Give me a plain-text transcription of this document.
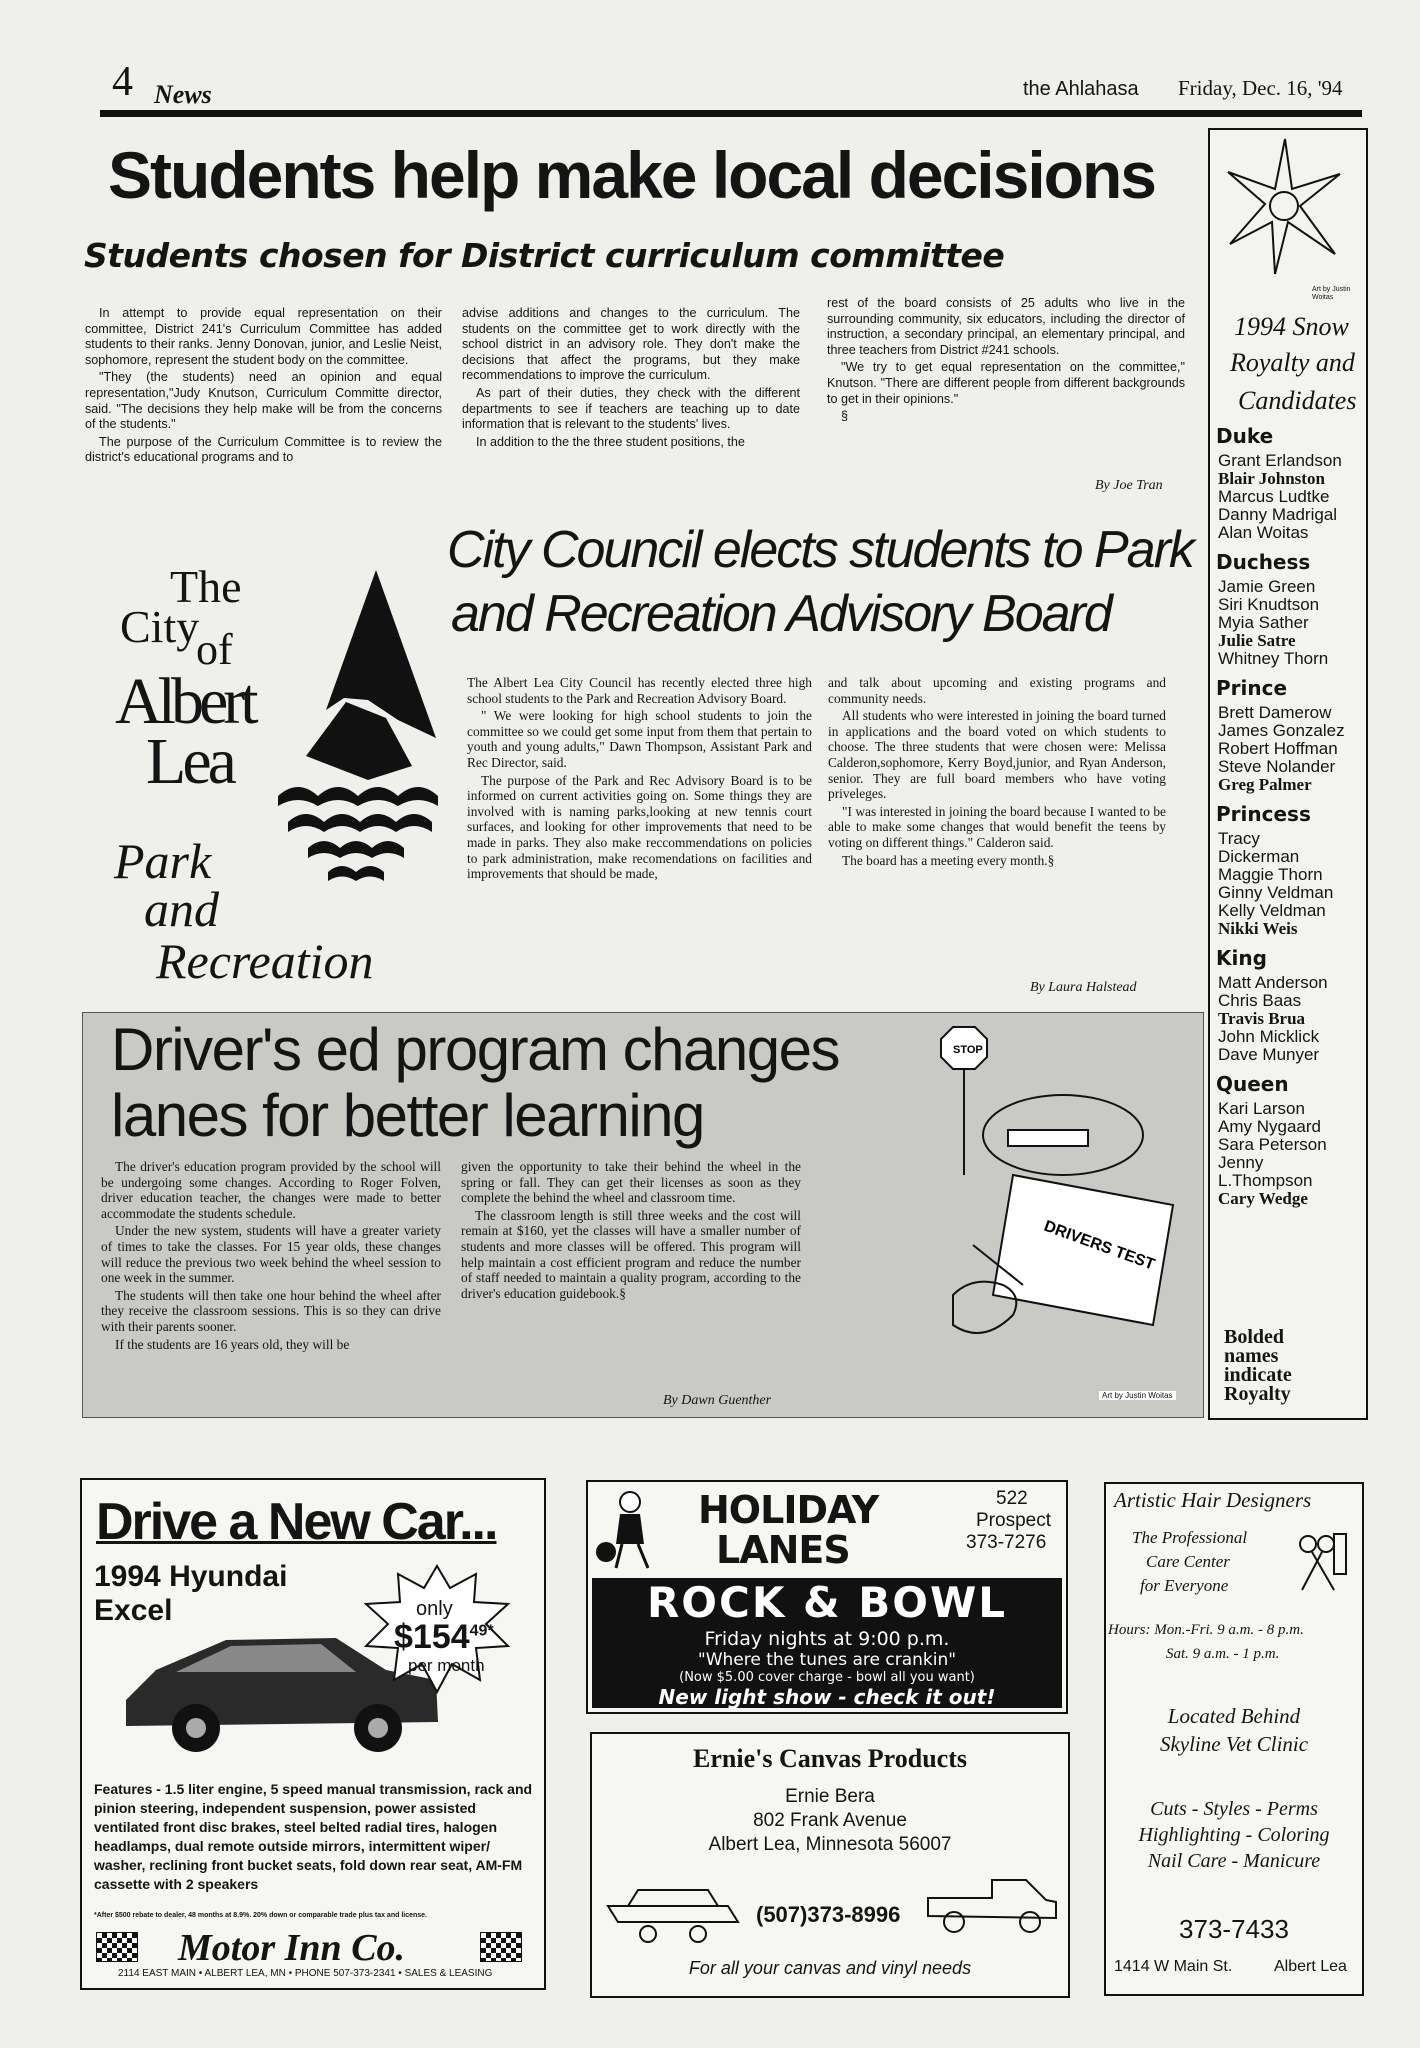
4 News	the Ahlahasa Friday, Dec. 16, '94
Students help make local decisions
Students chosen for District curriculum committee

In attempt to provide equal representation on their committee, District 241's Curriculum Committee has added students to their ranks. Jenny Donovan, junior, and Leslie Neist, sophomore, represent the student body on the committee.

"They (the students) need an opinion and equal representation,"Judy Knutson, Curriculum Committe director, said. "The decisions they help make will be from the concerns of the students."

The purpose of the Curriculum Committee is to review the district's educational programs and to

advise additions and changes to the curriculum. The students on the committee get to work directly with the school district in an advisory role. They don't make the decisions that affect the programs, but they make recommendations to improve the curriculum.

As part of their duties, they check with the different departments to see if teachers are teaching up to date information that is relevant to the students' lives.

In addition to the the three student positions, the

rest of the board consists of 25 adults who live in the surrounding community, six educators, including the director of instruction, a secondary principal, an elementary principal, and three teachers from District #241 schools.

"We try to get equal representation on the committee," Knutson. "There are different people from different backgrounds to get in their opinions."

§

By Joe Tran
The
City
of
Albert
Lea
Park
and
Recreation
City Council elects students to Park
and Recreation Advisory Board

The Albert Lea City Council has recently elected three high school students to the Park and Recreation Advisory Board.

" We were looking for high school students to join the committee so we could get some input from them that pertain to youth and young adults," Dawn Thompson, Assistant Park and Rec Director, said.

The purpose of the Park and Rec Advisory Board is to be informed on current activities going on. Some things they are involved with is naming parks,looking at new tennis court surfaces, and looking for other improvements that need to be made in parks. They also make reccommendations on policies to park administration, make recomendations on facilities and improvements that should be made,

and talk about upcoming and existing programs and community needs.

All students who were interested in joining the board turned in applications and the board voted on which students to choose. The three students that were chosen were: Melissa Calderon,sophomore, Kerry Boyd,junior, and Ryan Anderson, senior. They are full board members who have voting priveleges.

"I was interested in joining the board because I wanted to be able to make some changes that would benefit the teens by voting on different things." Calderon said.

The board has a meeting every month.§

By Laura Halstead
Driver's ed program changes
lanes for better learning

The driver's education program provided by the school will be undergoing some changes. According to Roger Folven, driver education teacher, the changes were made to better accommodate the students schedule.

Under the new system, students will have a greater variety of times to take the classes. For 15 year olds, these changes will reduce the previous two week behind the wheel session to one week in the summer.

The students will then take one hour behind the wheel after they receive the classroom sessions. This is so they can drive with their parents sooner.

If the students are 16 years old, they will be

given the opportunity to take their behind the wheel in the spring or fall. They can get their licenses as soon as they complete the behind the wheel and classroom time.

The classroom length is still three weeks and the cost will remain at $160, yet the classes will have a smaller number of students and more classes will be offered. This program will help maintain a cost efficient program and reduce the number of staff needed to maintain a quality program, according to the driver's education guidebook.§

By Dawn Guenther
STOP
DRIVERS TEST
Art by Justin Woitas
Art by Justin Woitas
1994 Snow
Royalty and
Candidates
Duke
Grant Erlandson
Blair Johnston
Marcus Ludtke
Danny Madrigal
Alan Woitas
Duchess
Jamie Green
Siri Knudtson
Myia Sather
Julie Satre
Whitney Thorn
Prince
Brett Damerow
James Gonzalez
Robert Hoffman
Steve Nolander
Greg Palmer
Princess
Tracy
Dickerman
Maggie Thorn
Ginny Veldman
Kelly Veldman
Nikki Weis
King
Matt Anderson
Chris Baas
Travis Brua
John Micklick
Dave Munyer
Queen
Kari Larson
Amy Nygaard
Sara Peterson
Jenny
L.Thompson
Cary Wedge
Bolded names indicate Royalty
Drive a New Car...
1994 Hyundai
Excel	only
$\$154^{49*}$
per month
Features - 1.5 liter engine, 5 speed manual transmission, rack and pinion steering, independent suspension, power assisted ventilated front disc brakes, steel belted radial tires, halogen headlamps, dual remote outside mirrors, intermittent wiper/ washer, reclining front bucket seats, fold down rear seat, AM-FM cassette with 2 speakers
*After $500 rebate to dealer, 48 months at 8.9%. 20% down or comparable trade plus tax and license.
Motor Inn Co.
2114 EAST MAIN • ALBERT LEA, MN • PHONE 507-373-2341 • SALES & LEASING
HOLIDAY
LANES
522
Prospect
373-7276
ROCK & BOWL
Friday nights at 9:00 p.m.
"Where the tunes are crankin"
(Now $5.00 cover charge - bowl all you want)
New light show - check it out!
Ernie's Canvas Products
Ernie Bera
802 Frank Avenue
Albert Lea, Minnesota 56007
(507)373-8996
For all your canvas and vinyl needs
Artistic Hair Designers
The Professional
Care Center
for Everyone
Hours: Mon.-Fri. 9 a.m. - 8 p.m.
Sat. 9 a.m. - 1 p.m.
Located Behind
Skyline Vet Clinic
Cuts - Styles - Perms
Highlighting - Coloring
Nail Care - Manicure
373-7433
1414 W Main St.	Albert Lea
